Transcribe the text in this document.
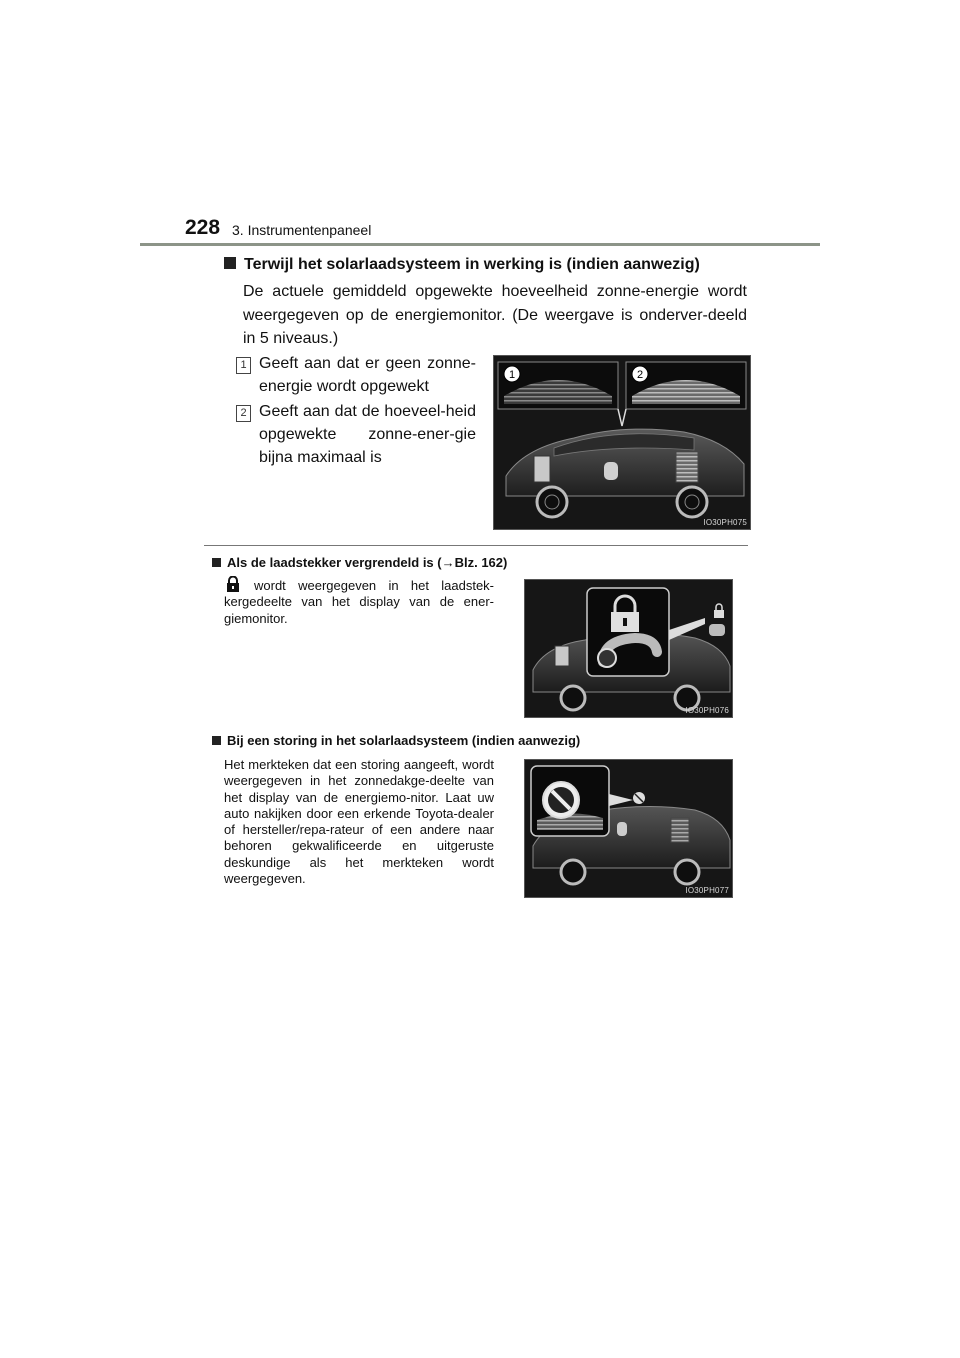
228 3. Instrumentenpaneel
Terwijl het solarlaadsysteem in werking is (indien aanwezig)
De actuele gemiddeld opgewekte hoeveelheid zonne-energie wordt weergegeven op de energiemonitor. (De weergave is onderver-deeld in 5 niveaus.)
1 Geeft aan dat er geen zonne-energie wordt opgewekt
2 Geeft aan dat de hoeveel-heid opgewekte zonne-ener-gie bijna maximaal is
1	2
IO30PH075
Als de laadstekker vergrendeld is (→Blz. 162)
wordt weergegeven in het laadstek-kergedeelte van het display van de ener-giemonitor.
IO30PH076
Bij een storing in het solarlaadsysteem (indien aanwezig)
Het merkteken dat een storing aangeeft, wordt weergegeven in het zonnedakge-deelte van het display van de energiemo-nitor. Laat uw auto nakijken door een erkende Toyota-dealer of hersteller/repa-rateur of een andere naar behoren gekwalificeerde en uitgeruste deskundige als het merkteken wordt weergegeven.
IO30PH077
